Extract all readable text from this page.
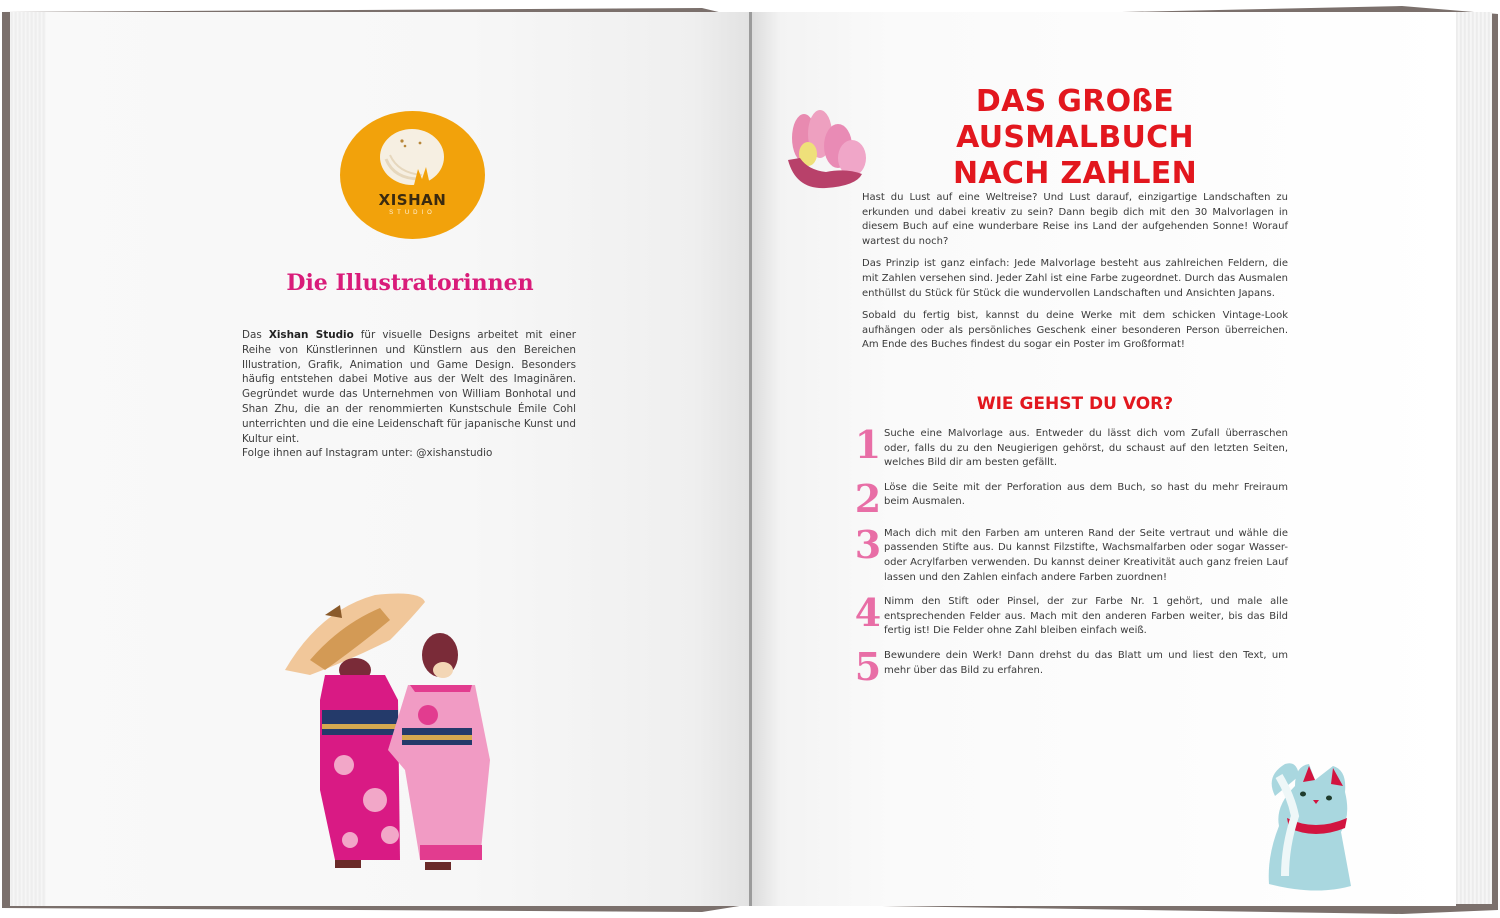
XISHAN
STUDIO
Die Illustratorinnen
Das Xishan Studio für visuelle Designs arbeitet mit einer Reihe von Künstlerinnen und Künstlern aus den Bereichen Illustration, Grafik, Animation und Game Design. Besonders häufig entstehen dabei Motive aus der Welt des Imaginären. Gegründet wurde das Unternehmen von William Bonhotal und Shan Zhu, die an der renommierten Kunstschule Émile Cohl unterrichten und die eine Leidenschaft für japanische Kunst und Kultur eint.
Folge ihnen auf Instagram unter: @xishanstudio
DAS GROßE AUSMALBUCH
NACH ZAHLEN

Hast du Lust auf eine Weltreise? Und Lust darauf, einzigartige Landschaften zu erkunden und dabei kreativ zu sein? Dann begib dich mit den 30 Malvorlagen in diesem Buch auf eine wunderbare Reise ins Land der aufgehenden Sonne! Worauf wartest du noch?

Das Prinzip ist ganz einfach: Jede Malvorlage besteht aus zahlreichen Feldern, die mit Zahlen versehen sind. Jeder Zahl ist eine Farbe zugeordnet. Durch das Ausmalen enthüllst du Stück für Stück die wundervollen Landschaften und Ansichten Japans.

Sobald du fertig bist, kannst du deine Werke mit dem schicken Vintage-Look aufhängen oder als persönliches Geschenk einer besonderen Person überreichen. Am Ende des Buches findest du sogar ein Poster im Großformat!

WIE GEHST DU VOR?
1 Suche eine Malvorlage aus. Entweder du lässt dich vom Zufall überraschen oder, falls du zu den Neugierigen gehörst, du schaust auf den letzten Seiten, welches Bild dir am besten gefällt.
2 Löse die Seite mit der Perforation aus dem Buch, so hast du mehr Freiraum beim Ausmalen.
3 Mach dich mit den Farben am unteren Rand der Seite vertraut und wähle die passenden Stifte aus. Du kannst Filzstifte, Wachsmalfarben oder sogar Wasser- oder Acrylfarben verwenden. Du kannst deiner Kreativität auch ganz freien Lauf lassen und den Zahlen einfach andere Farben zuordnen!
4 Nimm den Stift oder Pinsel, der zur Farbe Nr. 1 gehört, und male alle entsprechenden Felder aus. Mach mit den anderen Farben weiter, bis das Bild fertig ist! Die Felder ohne Zahl bleiben einfach weiß.
5 Bewundere dein Werk! Dann drehst du das Blatt um und liest den Text, um mehr über das Bild zu erfahren.
